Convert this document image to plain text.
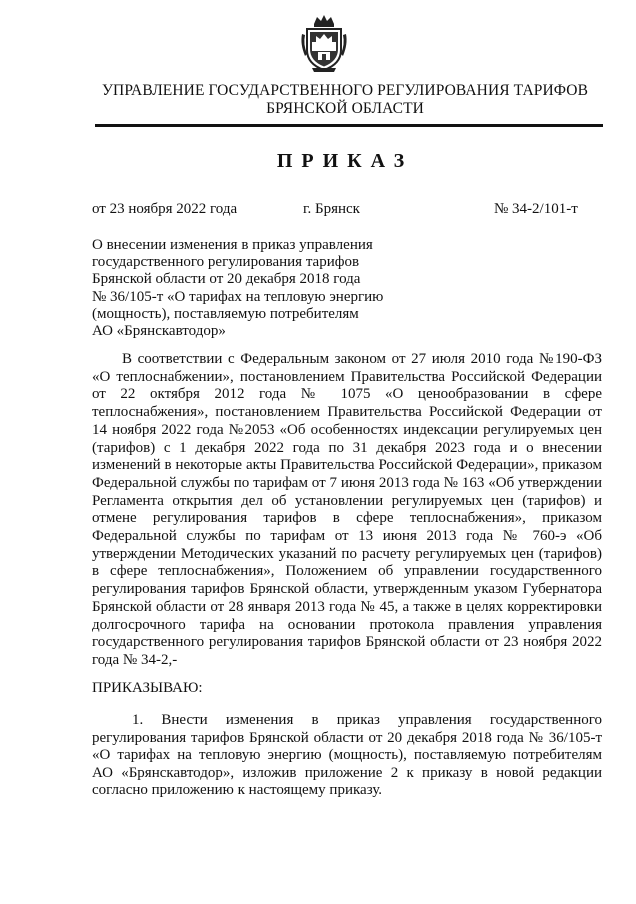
УПРАВЛЕНИЕ ГОСУДАРСТВЕННОГО РЕГУЛИРОВАНИЯ ТАРИФОВ
БРЯНСКОЙ ОБЛАСТИ
ПРИКАЗ
от 23 ноября 2022 года	г. Брянск	№ 34-2/101-т
О внесении изменения в приказ управления
государственного регулирования тарифов
Брянской области от 20 декабря 2018 года
№ 36/105-т «О тарифах на тепловую энергию
(мощность), поставляемую потребителям
АО «Брянскавтодор»
В соответствии с Федеральным законом от 27 июля 2010 года №190-ФЗ «О теплоснабжении», постановлением Правительства Российской Федерации от 22 октября 2012 года № 1075 «О ценообразовании в сфере теплоснабжения», постановлением Правительства Российской Федерации от 14 ноября 2022 года №2053 «Об особенностях индексации регулируемых цен (тарифов) с 1 декабря 2022 года по 31 декабря 2023 года и о внесении изменений в некоторые акты Правительства Российской Федерации», приказом Федеральной службы по тарифам от 7 июня 2013 года № 163 «Об утверждении Регламента открытия дел об установлении регулируемых цен (тарифов) и отмене регулирования тарифов в сфере теплоснабжения», приказом Федеральной службы по тарифам от 13 июня 2013 года № 760-э «Об утверждении Методических указаний по расчету регулируемых цен (тарифов) в сфере теплоснабжения», Положением об управлении государственного регулирования тарифов Брянской области, утвержденным указом Губернатора Брянской области от 28 января 2013 года № 45, а также в целях корректировки долгосрочного тарифа на основании протокола правления управления государственного регулирования тарифов Брянской области от 23 ноября 2022 года № 34-2,-
ПРИКАЗЫВАЮ:
1. Внести изменения в приказ управления государственного регулирования тарифов Брянской области от 20 декабря 2018 года № 36/105-т «О тарифах на тепловую энергию (мощность), поставляемую потребителям АО «Брянскавтодор», изложив приложение 2 к приказу в новой редакции согласно приложению к настоящему приказу.
